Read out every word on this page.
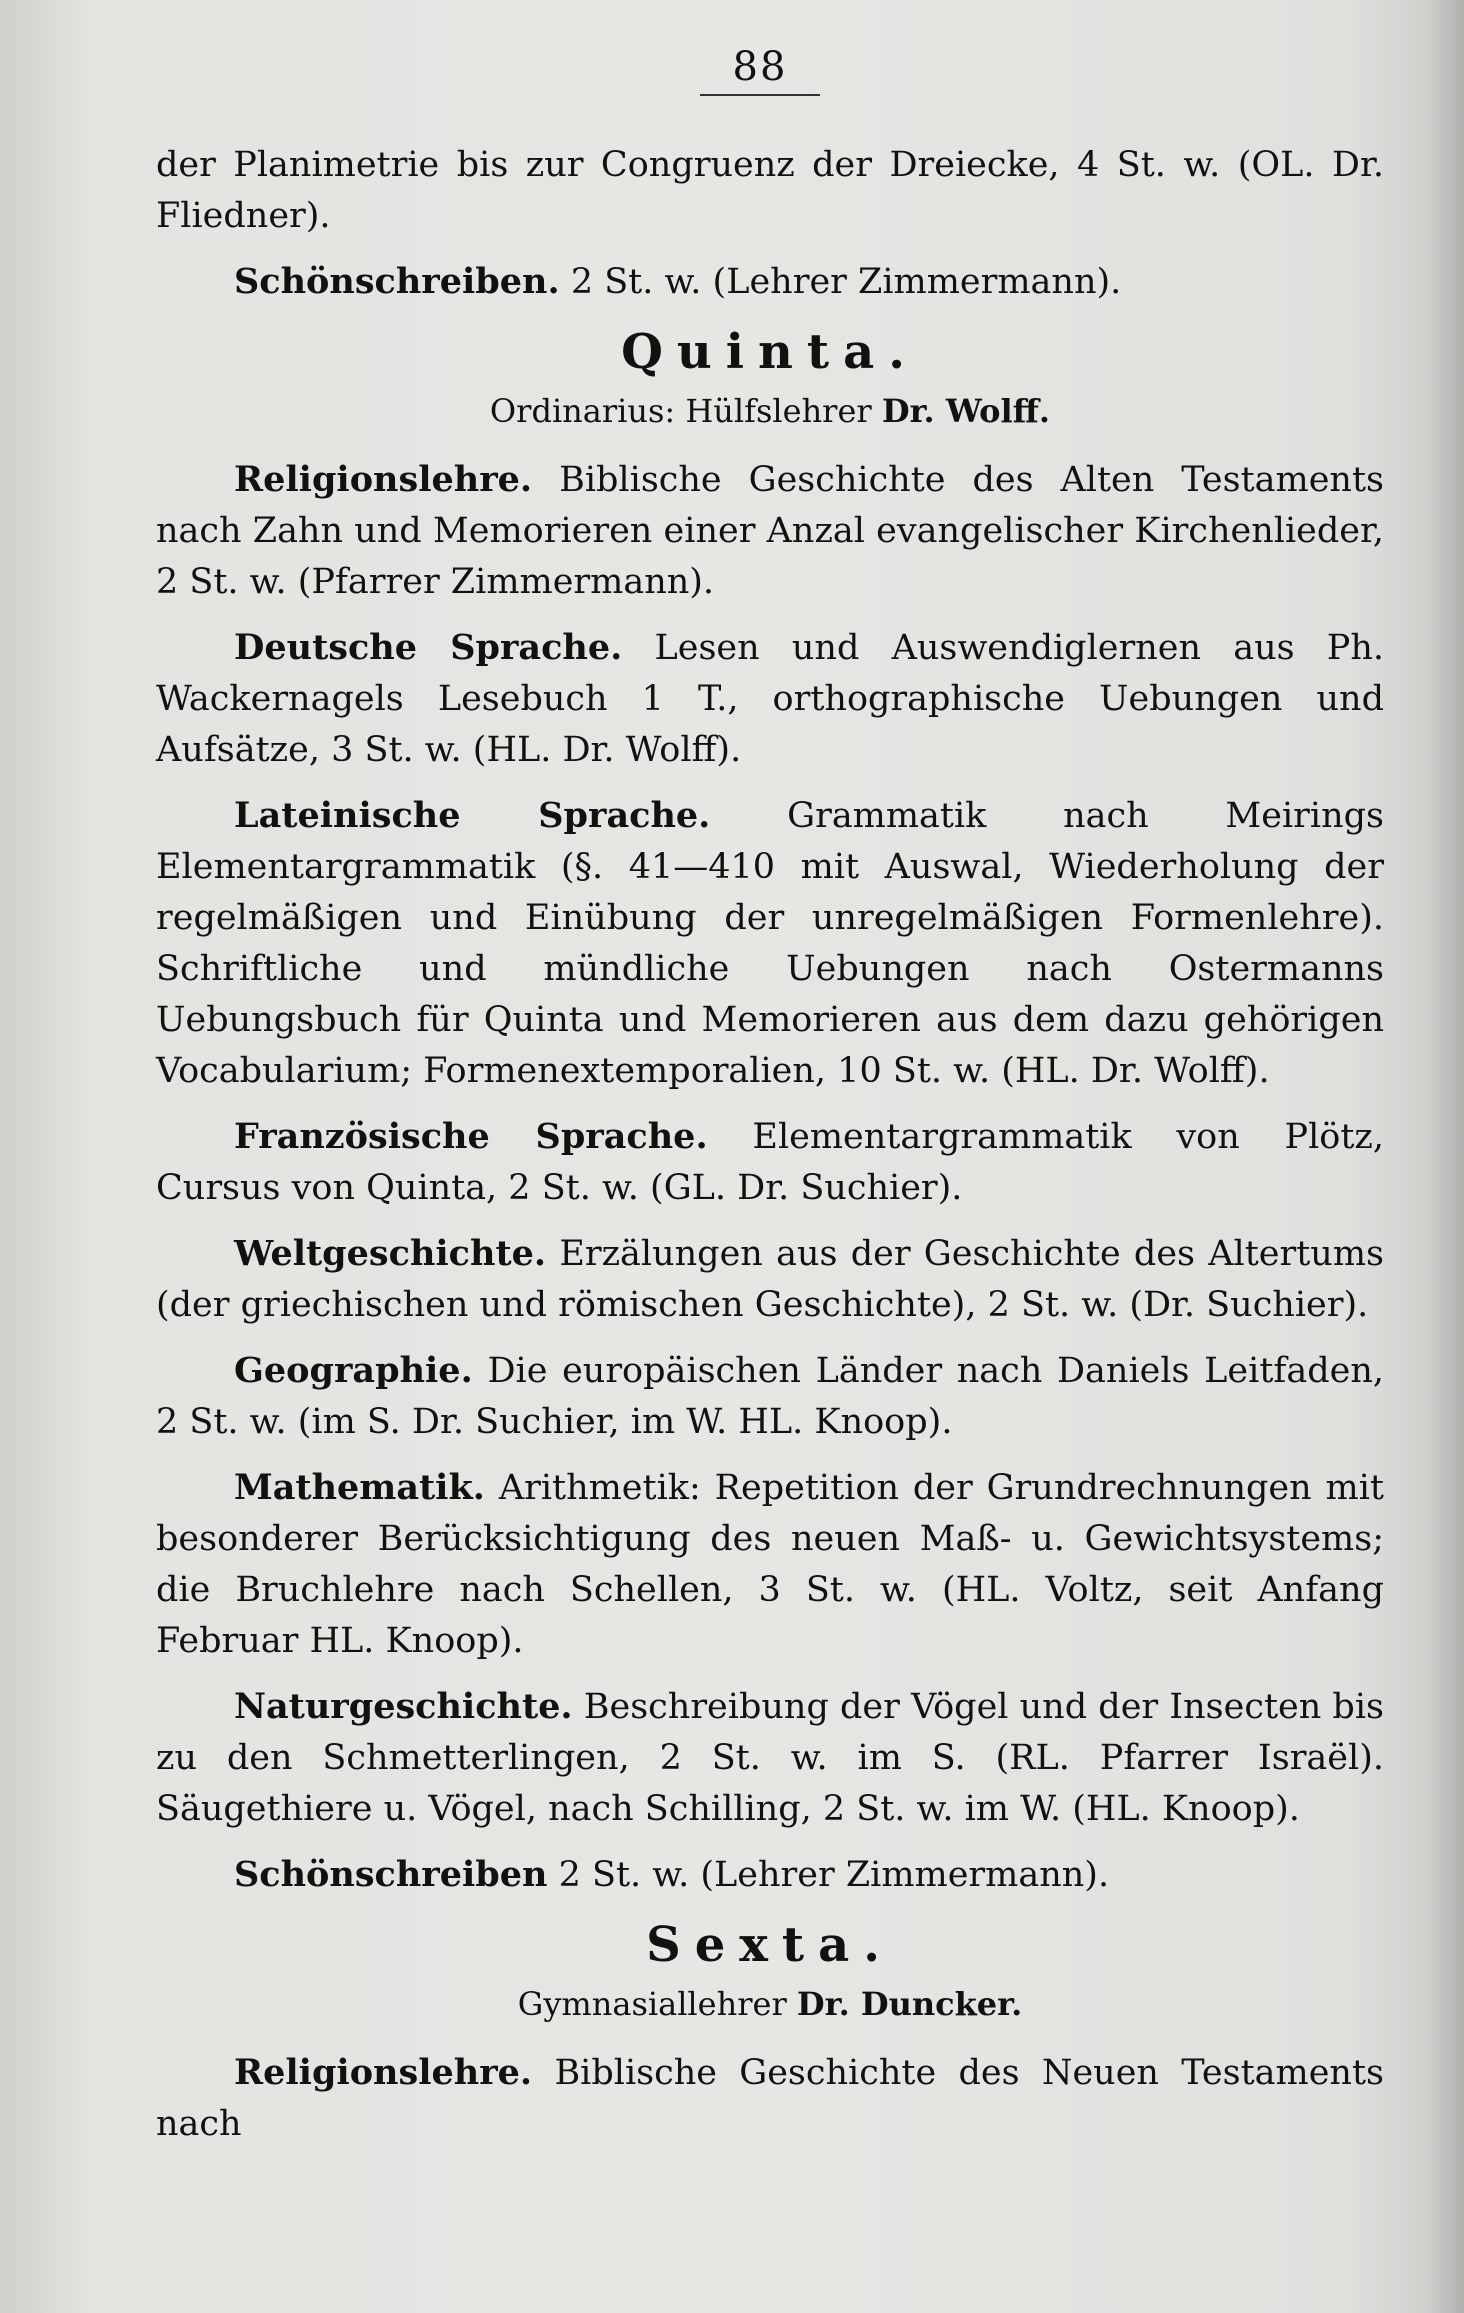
88

der Planimetrie bis zur Congruenz der Dreiecke, 4 St. w. (OL. Dr. Fliedner).

Schönschreiben. 2 St. w. (Lehrer Zimmermann).

Quinta.
Ordinarius: Hülfslehrer Dr. Wolff.

Religionslehre. Biblische Geschichte des Alten Testaments nach Zahn und Memorieren einer Anzal evangelischer Kirchenlieder, 2 St. w. (Pfarrer Zimmermann).

Deutsche Sprache. Lesen und Auswendiglernen aus Ph. Wackernagels Lesebuch 1 T., orthographische Uebungen und Aufsätze, 3 St. w. (HL. Dr. Wolff).

Lateinische Sprache. Grammatik nach Meirings Elementargrammatik (§. 41—410 mit Auswal, Wiederholung der regelmäßigen und Einübung der unregelmäßigen Formenlehre). Schriftliche und mündliche Uebungen nach Ostermanns Uebungsbuch für Quinta und Memorieren aus dem dazu gehörigen Vocabularium; Formenextemporalien, 10 St. w. (HL. Dr. Wolff).

Französische Sprache. Elementargrammatik von Plötz, Cursus von Quinta, 2 St. w. (GL. Dr. Suchier).

Weltgeschichte. Erzälungen aus der Geschichte des Altertums (der griechischen und römischen Geschichte), 2 St. w. (Dr. Suchier).

Geographie. Die europäischen Länder nach Daniels Leitfaden, 2 St. w. (im S. Dr. Suchier, im W. HL. Knoop).

Mathematik. Arithmetik: Repetition der Grundrechnungen mit besonderer Berücksichtigung des neuen Maß- u. Gewichtsystems; die Bruchlehre nach Schellen, 3 St. w. (HL. Voltz, seit Anfang Februar HL. Knoop).

Naturgeschichte. Beschreibung der Vögel und der Insecten bis zu den Schmetterlingen, 2 St. w. im S. (RL. Pfarrer Israël). Säugethiere u. Vögel, nach Schilling, 2 St. w. im W. (HL. Knoop).

Schönschreiben 2 St. w. (Lehrer Zimmermann).

Sexta.
Gymnasiallehrer Dr. Duncker.

Religionslehre. Biblische Geschichte des Neuen Testaments nach
